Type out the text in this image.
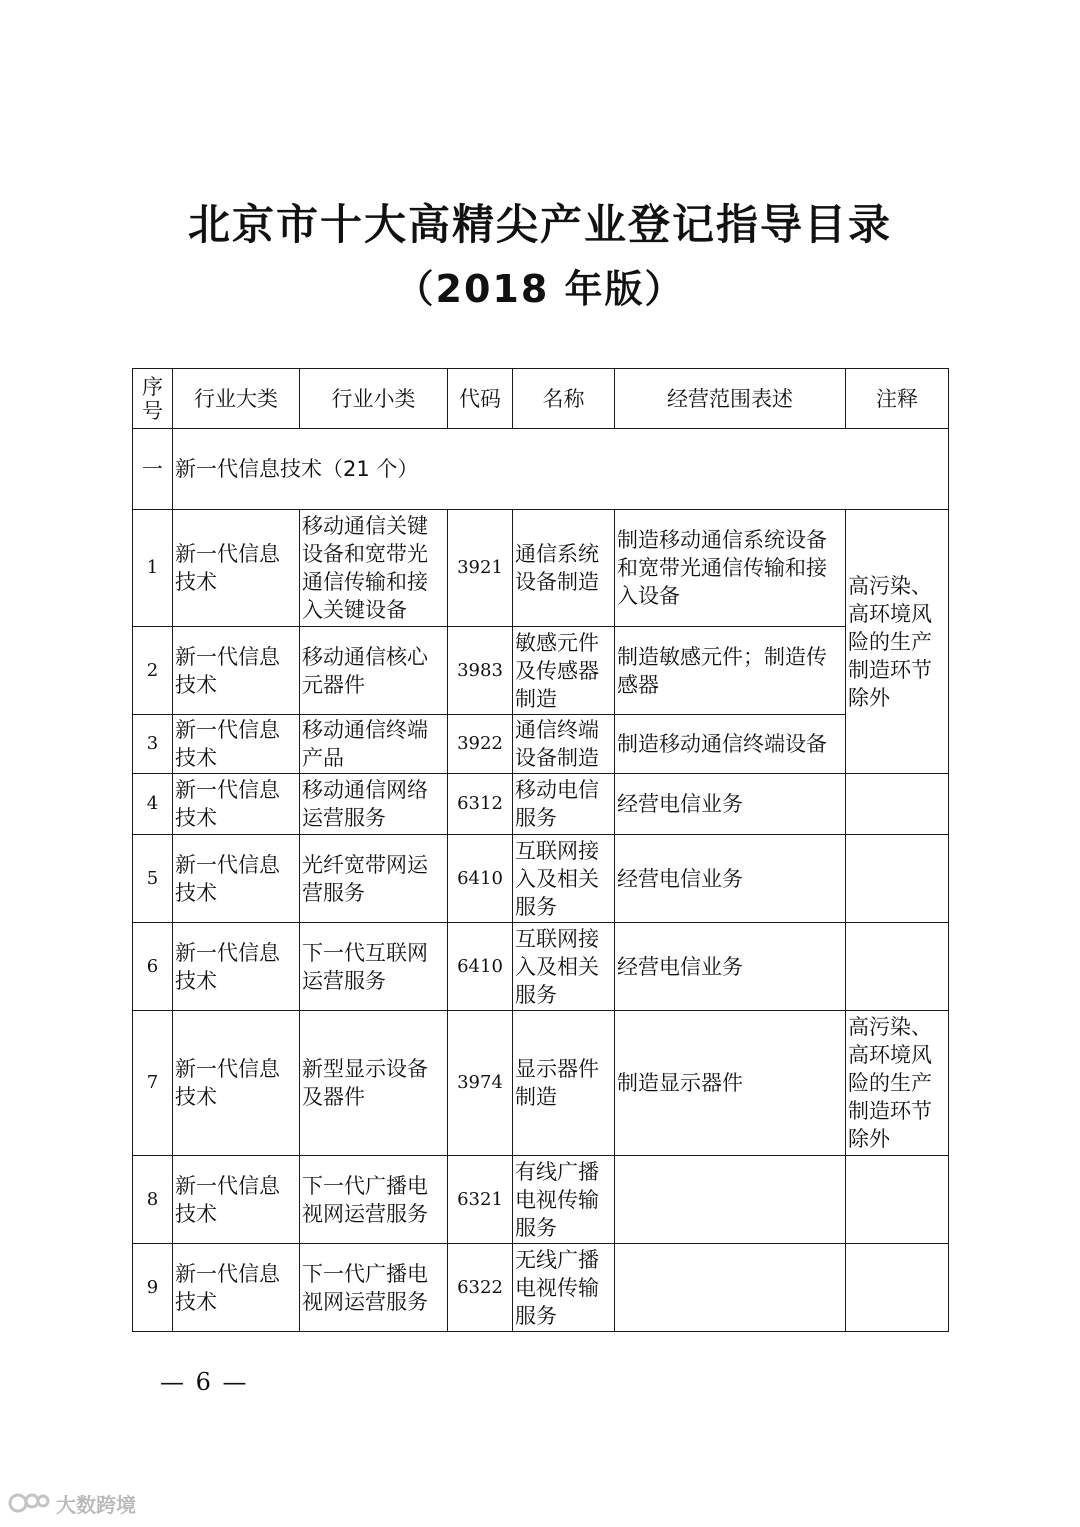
北京市十大高精尖产业登记指导目录
（2018 年版）
序号	行业大类	行业小类	代码	名称	经营范围表述	注释
一	新一代信息技术（21 个）					
1	新一代信息技术	移动通信关键设备和宽带光通信传输和接入关键设备	3921	通信系统设备制造	制造移动通信系统设备和宽带光通信传输和接入设备	高污染、高环境风险的生产制造环节除外
2	新一代信息技术	移动通信核心元器件	3983	敏感元件及传感器制造	制造敏感元件；制造传感器	
3	新一代信息技术	移动通信终端产品	3922	通信终端设备制造	制造移动通信终端设备	
4	新一代信息技术	移动通信网络运营服务	6312	移动电信服务	经营电信业务	
5	新一代信息技术	光纤宽带网运营服务	6410	互联网接入及相关服务	经营电信业务	
6	新一代信息技术	下一代互联网运营服务	6410	互联网接入及相关服务	经营电信业务	
7	新一代信息技术	新型显示设备及器件	3974	显示器件制造	制造显示器件	高污染、高环境风险的生产制造环节除外
8	新一代信息技术	下一代广播电视网运营服务	6321	有线广播电视传输服务		
9	新一代信息技术	下一代广播电视网运营服务	6322	无线广播电视传输服务		
— 6 —
大数跨境
